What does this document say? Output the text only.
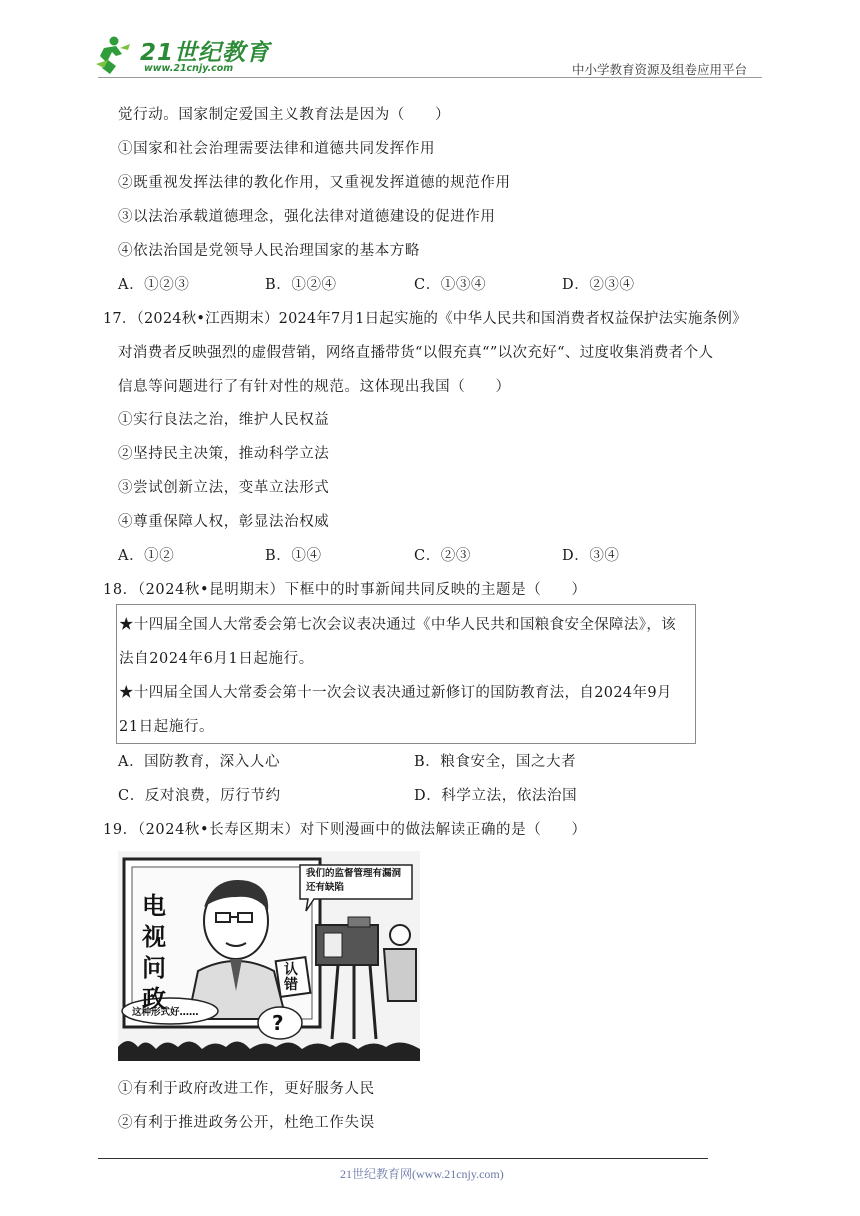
21世纪教育
www.21cnjy.com	中小学教育资源及组卷应用平台
觉行动。国家制定爱国主义教育法是因为（　　）
①国家和社会治理需要法律和道德共同发挥作用
②既重视发挥法律的教化作用，又重视发挥道德的规范作用
③以法治承载道德理念，强化法律对道德建设的促进作用
④依法治国是党领导人民治理国家的基本方略
A．①②③	B．①②④	C．①③④	D．②③④
17．（2024秋•江西期末）2024年7月1日起实施的《中华人民共和国消费者权益保护法实施条例》
对消费者反映强烈的虚假营销，网络直播带货“以假充真“”以次充好“、过度收集消费者个人
信息等问题进行了有针对性的规范。这体现出我国（　　）
①实行良法之治，维护人民权益
②坚持民主决策，推动科学立法
③尝试创新立法，变革立法形式
④尊重保障人权，彰显法治权威
A．①②	B．①④	C．②③	D．③④
18．（2024秋•昆明期末）下框中的时事新闻共同反映的主题是（　　）
★十四届全国人大常委会第七次会议表决通过《中华人民共和国粮食安全保障法》，该
法自2024年6月1日起施行。
★十四届全国人大常委会第十一次会议表决通过新修订的国防教育法，自2024年9月
21日起施行。
A．国防教育，深入人心	B．粮食安全，国之大者
C．反对浪费，厉行节约	D．科学立法，依法治国
19．（2024秋•长寿区期末）对下则漫画中的做法解读正确的是（　　）
电视问政
我们的监督管理有漏洞还有缺陷
认错
这种形式好……	?
①有利于政府改进工作，更好服务人民
②有利于推进政务公开，杜绝工作失误
21世纪教育网(www.21cnjy.com)
